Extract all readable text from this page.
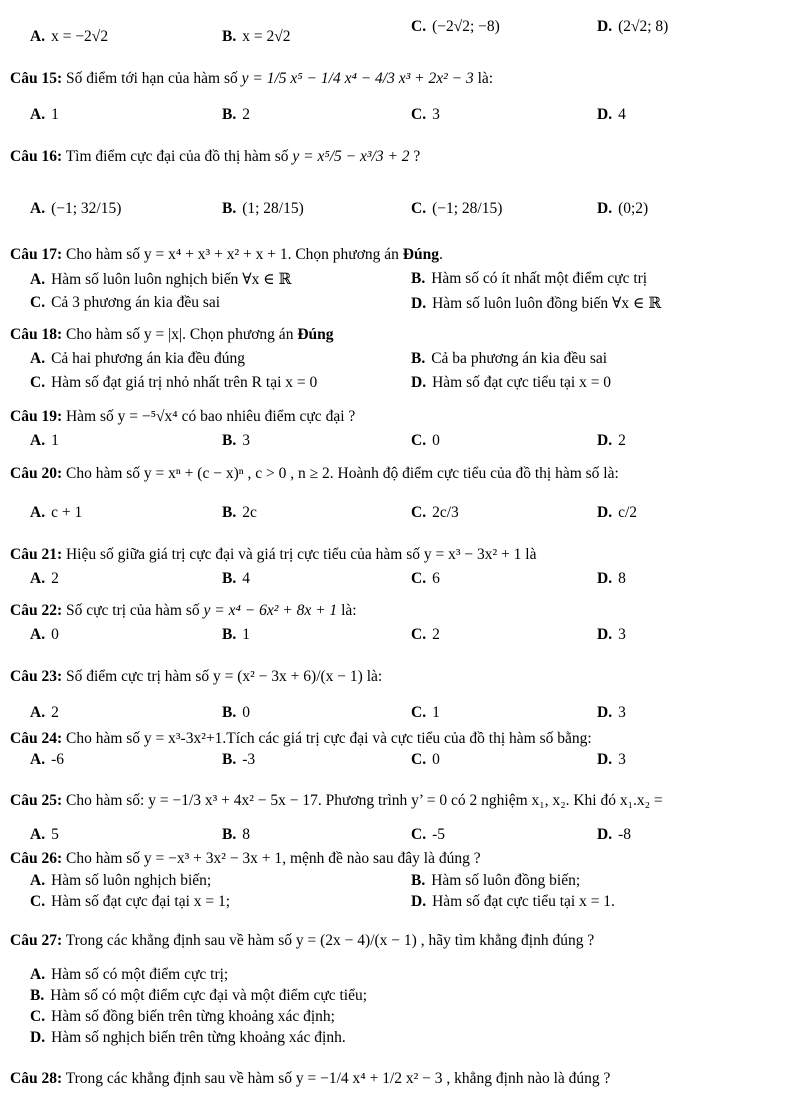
A. x = −2√2	B. x = 2√2
C. (−2√2; −8)	D. (2√2; 8)
Câu 15: Số điểm tới hạn của hàm số y = 1/5 x⁵ − 1/4 x⁴ − 4/3 x³ + 2x² − 3 là:
A. 1	B. 2	C. 3	D. 4
Câu 16: Tìm điểm cực đại của đồ thị hàm số y = x⁵/5 − x³/3 + 2 ?
A. (−1; 32/15)	B. (1; 28/15)	C. (−1; 28/15)	D. (0;2)
Câu 17: Cho hàm số y = x⁴ + x³ + x² + x + 1. Chọn phương án Đúng.
A. Hàm số luôn luôn nghịch biến ∀x ∈ ℝ	B. Hàm số có ít nhất một điểm cực trị
C. Cả 3 phương án kia đều sai	D. Hàm số luôn luôn đồng biến ∀x ∈ ℝ
Câu 18: Cho hàm số y = |x|. Chọn phương án Đúng
A. Cả hai phương án kia đều đúng	B. Cả ba phương án kia đều sai
C. Hàm số đạt giá trị nhỏ nhất trên R tại x = 0	D. Hàm số đạt cực tiểu tại x = 0
Câu 19: Hàm số y = −⁵√x⁴ có bao nhiêu điểm cực đại ?
A. 1	B. 3	C. 0	D. 2
Câu 20: Cho hàm số y = xⁿ + (c − x)ⁿ , c > 0 , n ≥ 2. Hoành độ điểm cực tiểu của đồ thị hàm số là:
A. c + 1	B. 2c	C. 2c/3	D. c/2
Câu 21: Hiệu số giữa giá trị cực đại và giá trị cực tiểu của hàm số y = x³ − 3x² + 1 là
A. 2	B. 4	C. 6	D. 8
Câu 22: Số cực trị của hàm số y = x⁴ − 6x² + 8x + 1 là:
A. 0	B. 1	C. 2	D. 3
Câu 23: Số điểm cực trị hàm số y = (x² − 3x + 6)/(x − 1) là:
A. 2	B. 0	C. 1	D. 3
Câu 24: Cho hàm số y = x³-3x²+1.Tích các giá trị cực đại và cực tiểu của đồ thị hàm số bằng:
A. -6	B. -3	C. 0	D. 3
Câu 25: Cho hàm số: y = −1/3 x³ + 4x² − 5x − 17. Phương trình y’ = 0 có 2 nghiệm x₁, x₂. Khi đó x₁.x₂ =
A. 5	B. 8	C. -5	D. -8
Câu 26: Cho hàm số y = −x³ + 3x² − 3x + 1, mệnh đề nào sau đây là đúng ?
A. Hàm số luôn nghịch biến;	B. Hàm số luôn đồng biến;
C. Hàm số đạt cực đại tại x = 1;	D. Hàm số đạt cực tiểu tại x = 1.
Câu 27: Trong các khẳng định sau về hàm số y = (2x − 4)/(x − 1) , hãy tìm khẳng định đúng ?
A. Hàm số có một điểm cực trị;
B. Hàm số có một điểm cực đại và một điểm cực tiểu;
C. Hàm số đồng biến trên từng khoảng xác định;
D. Hàm số nghịch biến trên từng khoảng xác định.
Câu 28: Trong các khẳng định sau về hàm số y = −1/4 x⁴ + 1/2 x² − 3 , khẳng định nào là đúng ?
